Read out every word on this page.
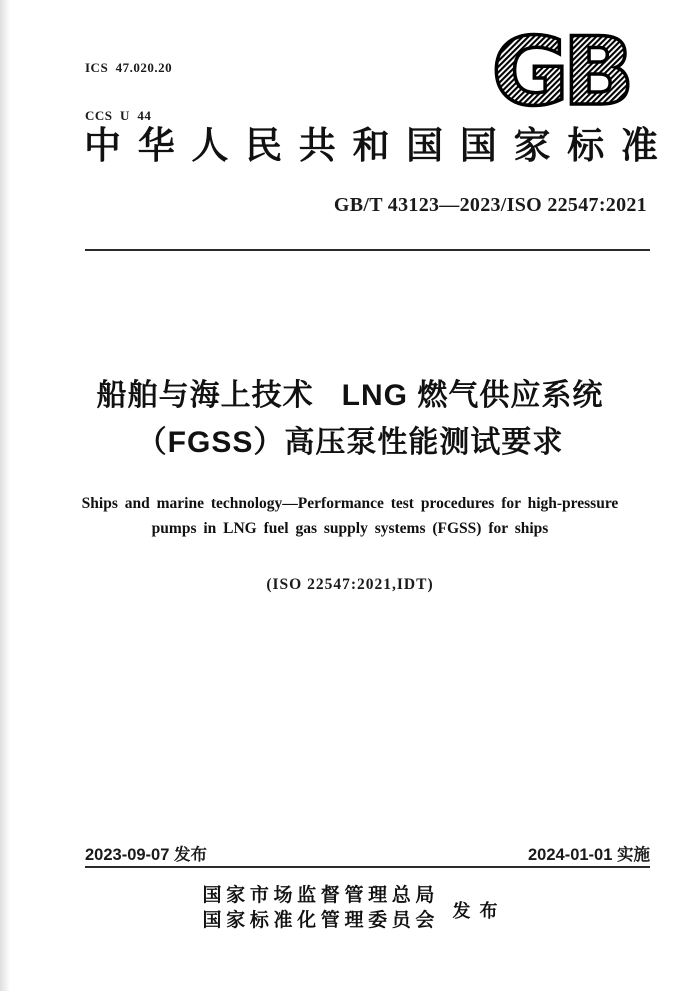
ICS  47.020.20

CCS  U  44

	GB
中 华 人 民 共 和 国 国 家 标 准
GB/T 43123—2023/ISO 22547:2021
船舶与海上技术   LNG 燃气供应系统
（FGSS）高压泵性能测试要求
Ships and marine technology—Performance test procedures for high-pressure
pumps in LNG fuel gas supply systems (FGSS) for ships
(ISO 22547:2021,IDT)
2023-09-07 发布	2024-01-01 实施
国 家 市 场 监 督 管 理 总 局
国 家 标 准 化 管 理 委 员 会 发  布
